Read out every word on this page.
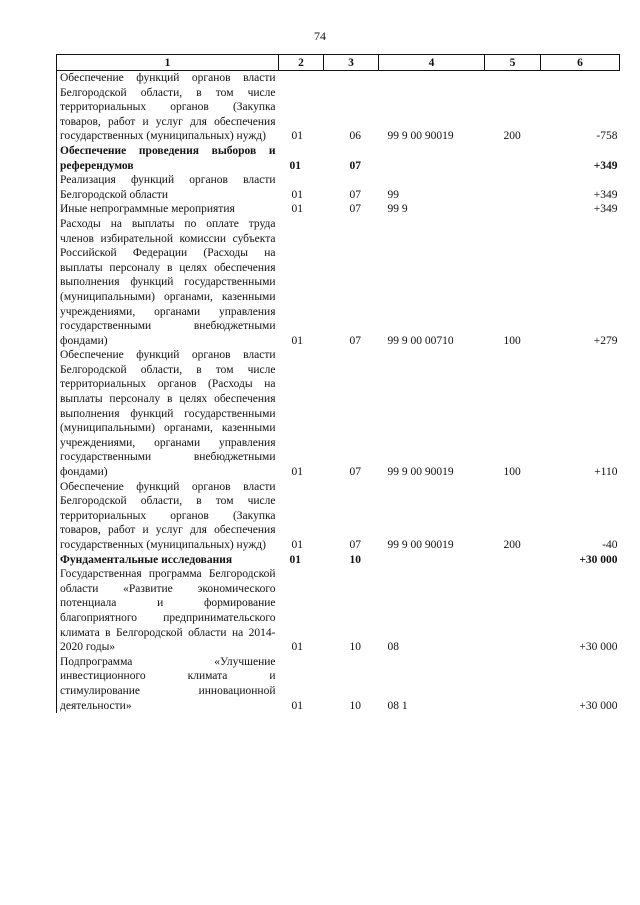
74
1	2	3	4	5	6
Обеспечение функций органов власти Белгородской области, в том числе территориальных органов (Закупка товаров, работ и услуг для обеспечения государственных (муниципальных) нужд)	01	06	99 9 00 90019	200	-758
Обеспечение проведения выборов и референдумов	01	07			+349
Реализация функций органов власти Белгородской области	01	07	99		+349
Иные непрограммные мероприятия	01	07	99 9		+349
Расходы на выплаты по оплате труда членов избирательной комиссии субъекта Российской Федерации (Расходы на выплаты персоналу в целях обеспечения выполнения функций государственными (муниципальными) органами, казенными учреждениями, органами управления государственными внебюджетными фондами)	01	07	99 9 00 00710	100	+279
Обеспечение функций органов власти Белгородской области, в том числе территориальных органов (Расходы на выплаты персоналу в целях обеспечения выполнения функций государственными (муниципальными) органами, казенными учреждениями, органами управления государственными внебюджетными фондами)	01	07	99 9 00 90019	100	+110
Обеспечение функций органов власти Белгородской области, в том числе территориальных органов (Закупка товаров, работ и услуг для обеспечения государственных (муниципальных) нужд)	01	07	99 9 00 90019	200	-40
Фундаментальные исследования	01	10			+30 000
Государственная программа Белгородской области «Развитие экономического потенциала и формирование благоприятного предпринимательского климата в Белгородской области на 2014-2020 годы»	01	10	08		+30 000
Подпрограмма «Улучшение инвестиционного климата и стимулирование инновационной деятельности»	01	10	08 1		+30 000
